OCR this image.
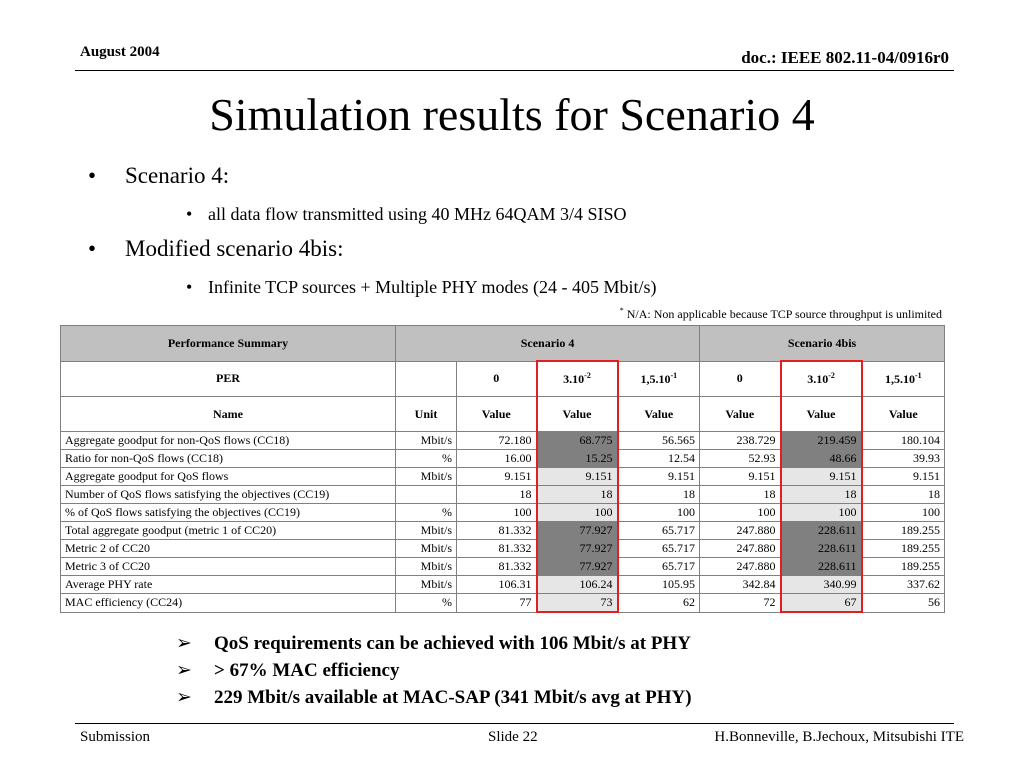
August 2004	doc.: IEEE 802.11-04/0916r0
Simulation results for Scenario 4
• Scenario 4:
• all data flow transmitted using 40 MHz 64QAM 3/4 SISO
• Modified scenario 4bis:
• Infinite TCP sources + Multiple PHY modes (24 - 405 Mbit/s)
* N/A: Non applicable because TCP source throughput is unlimited
Performance Summary	Scenario 4				Scenario 4bis		
PER		0	$3.10^{-2}$	$1,5.10^{-1}$	0	$3.10^{-2}$	$1,5.10^{-1}$
Name	Unit	Value	Value	Value	Value	Value	Value
Aggregate goodput for non-QoS flows (CC18)	Mbit/s	72.180	68.775	56.565	238.729	219.459	180.104
Ratio for non-QoS flows (CC18)	%	16.00	15.25	12.54	52.93	48.66	39.93
Aggregate goodput for QoS flows	Mbit/s	9.151	9.151	9.151	9.151	9.151	9.151
Number of QoS flows satisfying the objectives (CC19)		18	18	18	18	18	18
% of QoS flows satisfying the objectives (CC19)	%	100	100	100	100	100	100
Total aggregate goodput (metric 1 of CC20)	Mbit/s	81.332	77.927	65.717	247.880	228.611	189.255
Metric 2 of CC20	Mbit/s	81.332	77.927	65.717	247.880	228.611	189.255
Metric 3 of CC20	Mbit/s	81.332	77.927	65.717	247.880	228.611	189.255
Average PHY rate	Mbit/s	106.31	106.24	105.95	342.84	340.99	337.62
MAC efficiency (CC24)	%	77	73	62	72	67	56
➢ QoS requirements can be achieved with 106 Mbit/s at PHY
➢ > 67% MAC efficiency
➢ 229 Mbit/s available at MAC-SAP (341 Mbit/s avg at PHY)
Submission	Slide 22	H.Bonneville, B.Jechoux, Mitsubishi ITE
